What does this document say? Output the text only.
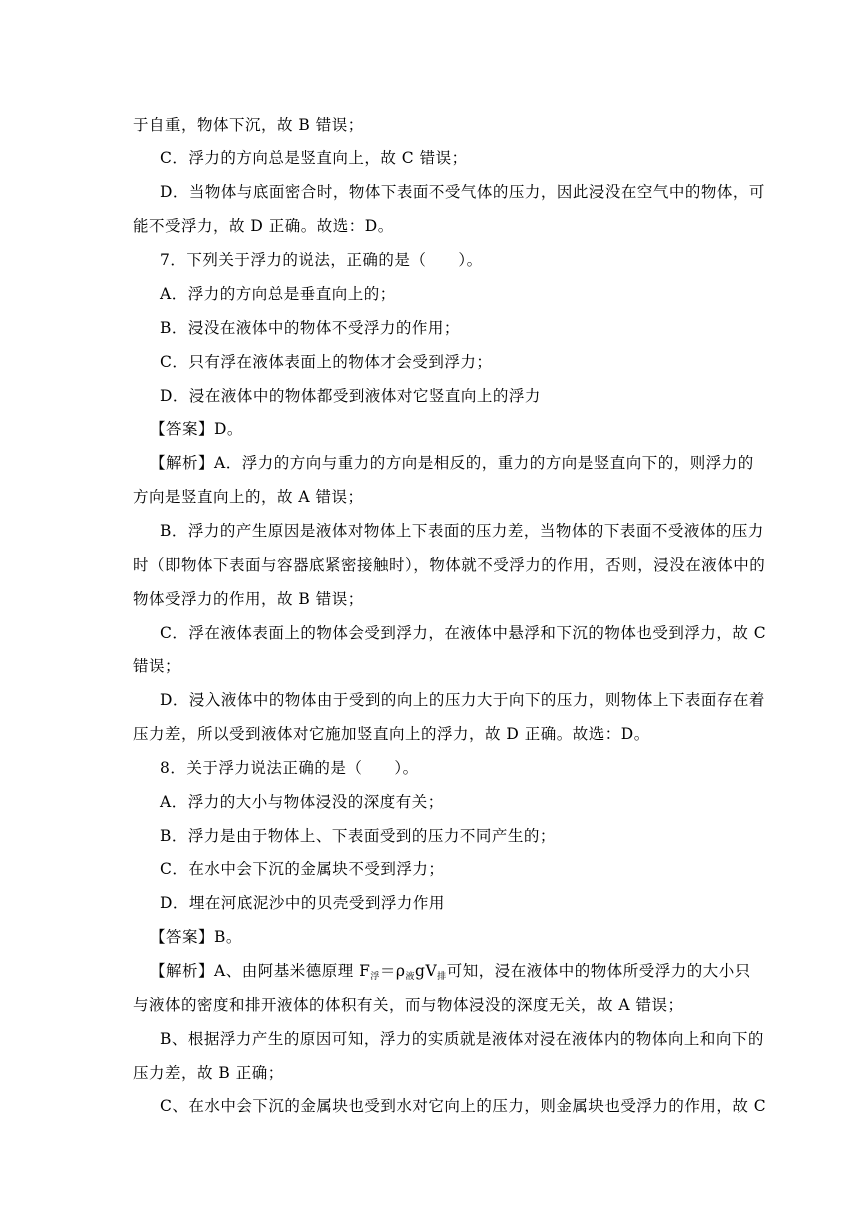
于自重，物体下沉，故 B 错误；
C．浮力的方向总是竖直向上，故 C 错误；
D．当物体与底面密合时，物体下表面不受气体的压力，因此浸没在空气中的物体，可
能不受浮力，故 D 正确。故选：D。
7．下列关于浮力的说法，正确的是（　　）。
A．浮力的方向总是垂直向上的；
B．浸没在液体中的物体不受浮力的作用；
C．只有浮在液体表面上的物体才会受到浮力；
D．浸在液体中的物体都受到液体对它竖直向上的浮力
【答案】D。
【解析】A．浮力的方向与重力的方向是相反的，重力的方向是竖直向下的，则浮力的
方向是竖直向上的，故 A 错误；
B．浮力的产生原因是液体对物体上下表面的压力差，当物体的下表面不受液体的压力
时（即物体下表面与容器底紧密接触时），物体就不受浮力的作用，否则，浸没在液体中的
物体受浮力的作用，故 B 错误；
C．浮在液体表面上的物体会受到浮力，在液体中悬浮和下沉的物体也受到浮力，故 C
错误；
D．浸入液体中的物体由于受到的向上的压力大于向下的压力，则物体上下表面存在着
压力差，所以受到液体对它施加竖直向上的浮力，故 D 正确。故选：D。
8．关于浮力说法正确的是（　　）。
A．浮力的大小与物体浸没的深度有关；
B．浮力是由于物体上、下表面受到的压力不同产生的；
C．在水中会下沉的金属块不受到浮力；
D．埋在河底泥沙中的贝壳受到浮力作用
【答案】B。
【解析】A、由阿基米德原理 $F_浮=\rho_液gV_排$可知，浸在液体中的物体所受浮力的大小只
与液体的密度和排开液体的体积有关，而与物体浸没的深度无关，故 A 错误；
B、根据浮力产生的原因可知，浮力的实质就是液体对浸在液体内的物体向上和向下的
压力差，故 B 正确；
C、在水中会下沉的金属块也受到水对它向上的压力，则金属块也受浮力的作用，故 C
